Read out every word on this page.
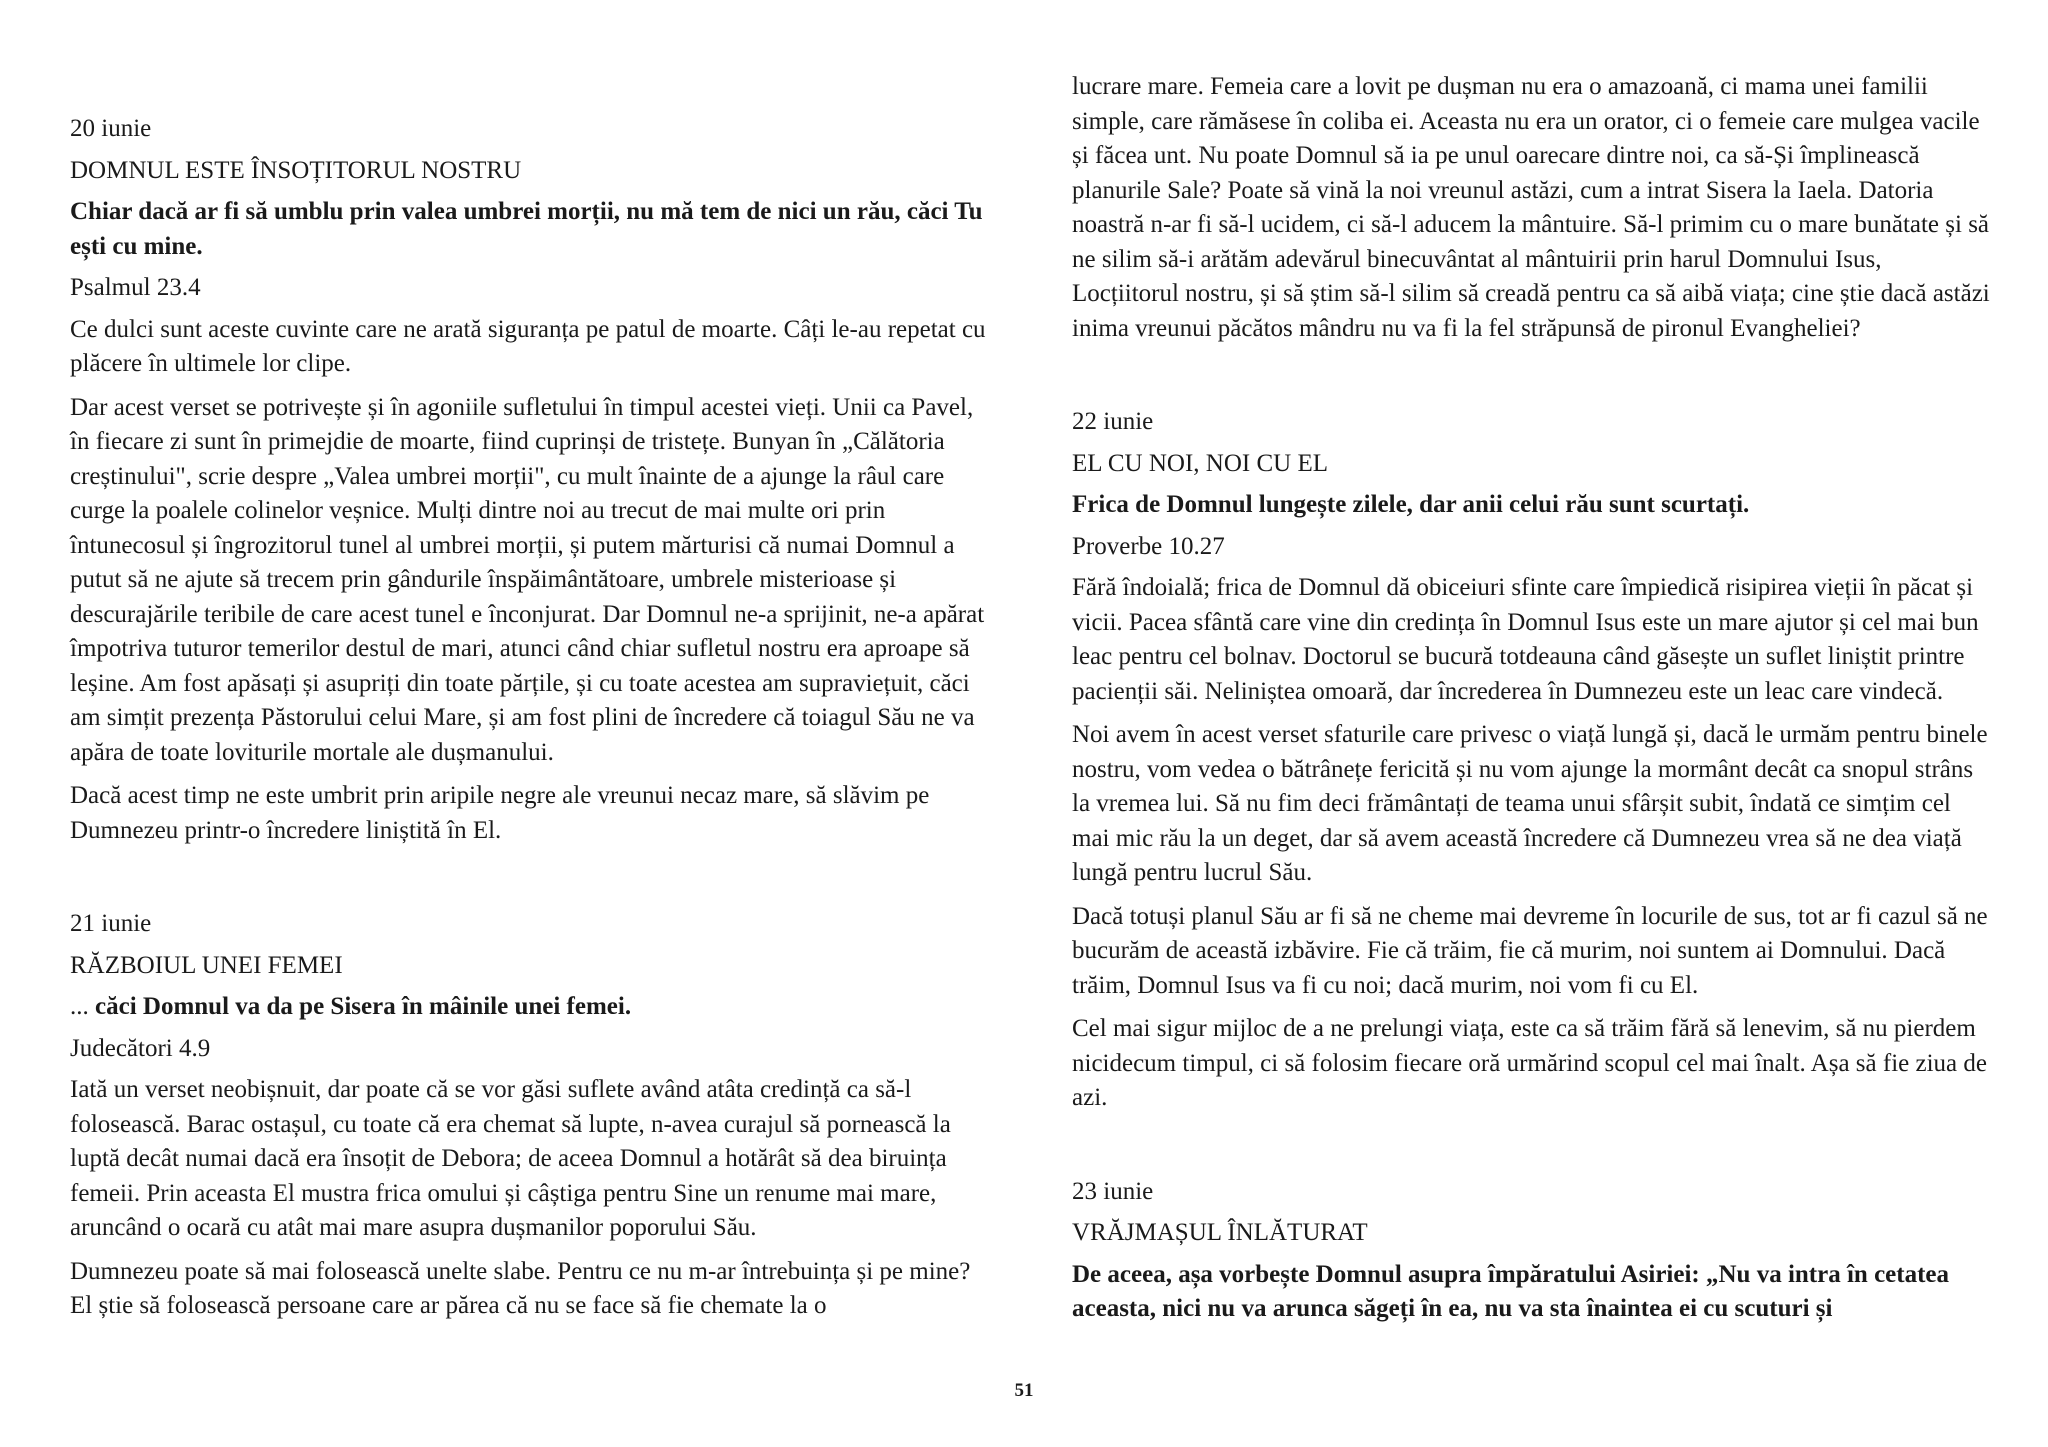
20 iunie
DOMNUL ESTE ÎNSOȚITORUL NOSTRU
Chiar dacă ar fi să umblu prin valea umbrei morții, nu mă tem de nici un rău, căci Tu ești cu mine.
Psalmul 23.4

Ce dulci sunt aceste cuvinte care ne arată siguranța pe patul de moarte. Câți le-au repetat cu plăcere în ultimele lor clipe.

Dar acest verset se potrivește și în agoniile sufletului în timpul acestei vieți. Unii ca Pavel, în fiecare zi sunt în primejdie de moarte, fiind cuprinși de tristețe. Bunyan în „Călătoria creștinului", scrie despre „Valea umbrei morții", cu mult înainte de a ajunge la râul care curge la poalele colinelor veșnice. Mulți dintre noi au trecut de mai multe ori prin întunecosul și îngrozitorul tunel al umbrei morții, și putem mărturisi că numai Domnul a putut să ne ajute să trecem prin gândurile înspăimântătoare, umbrele misterioase și descurajările teribile de care acest tunel e înconjurat. Dar Domnul ne-a sprijinit, ne-a apărat împotriva tuturor temerilor destul de mari, atunci când chiar sufletul nostru era aproape să leșine. Am fost apăsați și asupriți din toate părțile, și cu toate acestea am supraviețuit, căci am simțit prezența Păstorului celui Mare, și am fost plini de încredere că toiagul Său ne va apăra de toate loviturile mortale ale dușmanului.

Dacă acest timp ne este umbrit prin aripile negre ale vreunui necaz mare, să slăvim pe Dumnezeu printr-o încredere liniștită în El.

21 iunie
RĂZBOIUL UNEI FEMEI
... căci Domnul va da pe Sisera în mâinile unei femei.
Judecători 4.9

Iată un verset neobișnuit, dar poate că se vor găsi suflete având atâta credință ca să-l folosească. Barac ostașul, cu toate că era chemat să lupte, n-avea curajul să pornească la luptă decât numai dacă era însoțit de Debora; de aceea Domnul a hotărât să dea biruința femeii. Prin aceasta El mustra frica omului și câștiga pentru Sine un renume mai mare, aruncând o ocară cu atât mai mare asupra dușmanilor poporului Său.

Dumnezeu poate să mai folosească unelte slabe. Pentru ce nu m-ar întrebuința și pe mine? El știe să folosească persoane care ar părea că nu se face să fie chemate la o

lucrare mare. Femeia care a lovit pe dușman nu era o amazoană, ci mama unei familii simple, care rămăsese în coliba ei. Aceasta nu era un orator, ci o femeie care mulgea vacile și făcea unt. Nu poate Domnul să ia pe unul oarecare dintre noi, ca să-Și împlinească planurile Sale? Poate să vină la noi vreunul astăzi, cum a intrat Sisera la Iaela. Datoria noastră n-ar fi să-l ucidem, ci să-l aducem la mântuire. Să-l primim cu o mare bunătate și să ne silim să-i arătăm adevărul binecuvântat al mântuirii prin harul Domnului Isus, Locțiitorul nostru, și să știm să-l silim să creadă pentru ca să aibă viața; cine știe dacă astăzi inima vreunui păcătos mândru nu va fi la fel străpunsă de pironul Evangheliei?

22 iunie
EL CU NOI, NOI CU EL
Frica de Domnul lungește zilele, dar anii celui rău sunt scurtați.
Proverbe 10.27

Fără îndoială; frica de Domnul dă obiceiuri sfinte care împiedică risipirea vieții în păcat și vicii. Pacea sfântă care vine din credința în Domnul Isus este un mare ajutor și cel mai bun leac pentru cel bolnav. Doctorul se bucură totdeauna când găsește un suflet liniștit printre pacienții săi. Neliniștea omoară, dar încrederea în Dumnezeu este un leac care vindecă.

Noi avem în acest verset sfaturile care privesc o viață lungă și, dacă le urmăm pentru binele nostru, vom vedea o bătrânețe fericită și nu vom ajunge la mormânt decât ca snopul strâns la vremea lui. Să nu fim deci frământați de teama unui sfârșit subit, îndată ce simțim cel mai mic rău la un deget, dar să avem această încredere că Dumnezeu vrea să ne dea viață lungă pentru lucrul Său.

Dacă totuși planul Său ar fi să ne cheme mai devreme în locurile de sus, tot ar fi cazul să ne bucurăm de această izbăvire. Fie că trăim, fie că murim, noi suntem ai Domnului. Dacă trăim, Domnul Isus va fi cu noi; dacă murim, noi vom fi cu El.

Cel mai sigur mijloc de a ne prelungi viața, este ca să trăim fără să lenevim, să nu pierdem nicidecum timpul, ci să folosim fiecare oră urmărind scopul cel mai înalt. Așa să fie ziua de azi.

23 iunie
VRĂJMAȘUL ÎNLĂTURAT
De aceea, așa vorbește Domnul asupra împăratului Asiriei: „Nu va intra în cetatea aceasta, nici nu va arunca săgeți în ea, nu va sta înaintea ei cu scuturi și
51
